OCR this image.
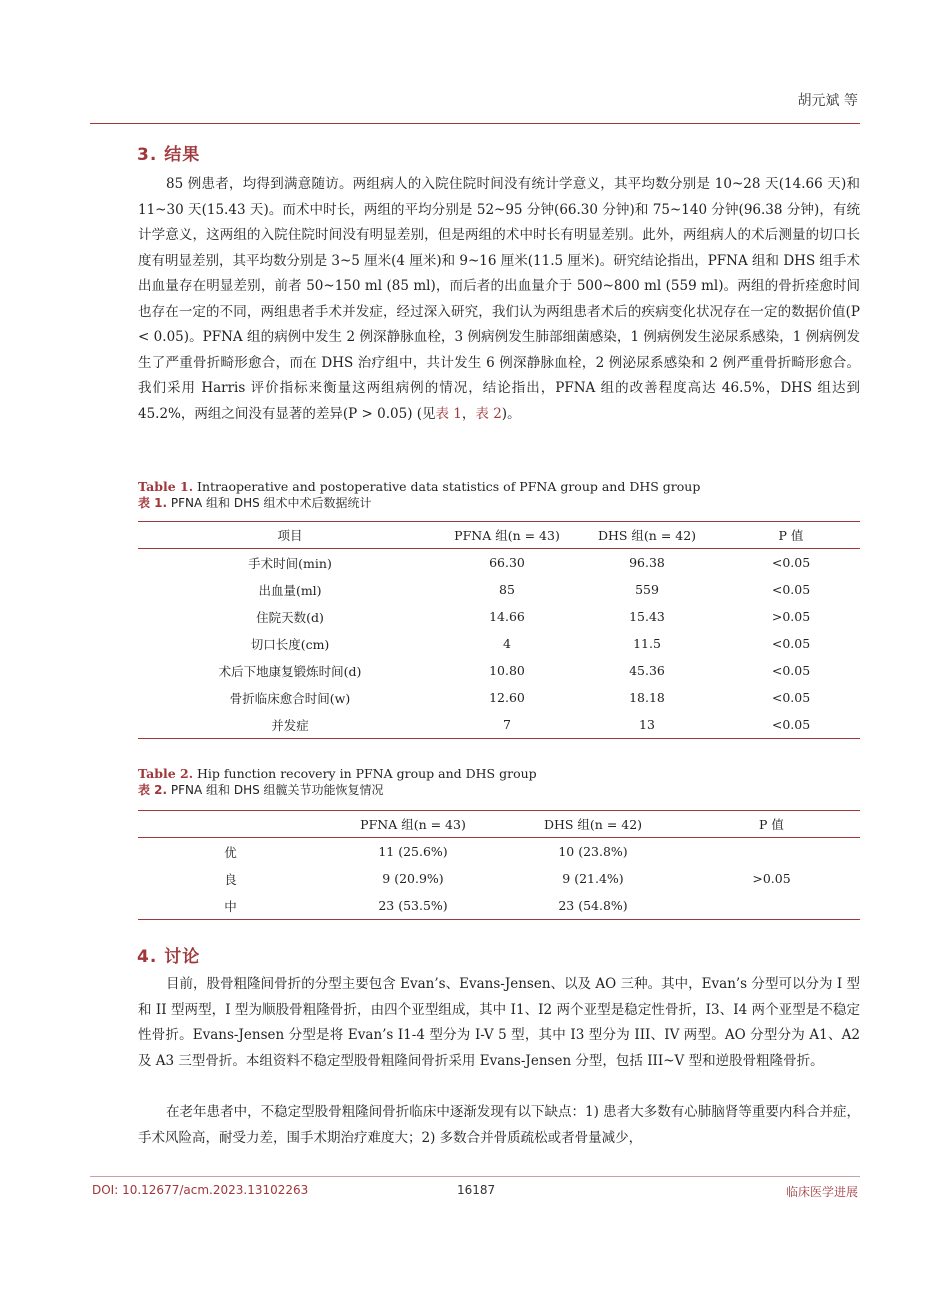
胡元斌 等
3. 结果

85 例患者，均得到满意随访。两组病人的入院住院时间没有统计学意义，其平均数分别是 10~28 天(14.66 天)和 11~30 天(15.43 天)。而术中时长，两组的平均分别是 52~95 分钟(66.30 分钟)和 75~140 分钟(96.38 分钟)，有统计学意义，这两组的入院住院时间没有明显差别，但是两组的术中时长有明显差别。此外，两组病人的术后测量的切口长度有明显差别，其平均数分别是 3~5 厘米(4 厘米)和 9~16 厘米(11.5 厘米)。研究结论指出，PFNA 组和 DHS 组手术出血量存在明显差别，前者 50~150 ml (85 ml)，而后者的出血量介于 500~800 ml (559 ml)。两组的骨折痊愈时间也存在一定的不同，两组患者手术并发症，经过深入研究，我们认为两组患者术后的疾病变化状况存在一定的数据价值(P < 0.05)。PFNA 组的病例中发生 2 例深静脉血栓，3 例病例发生肺部细菌感染，1 例病例发生泌尿系感染，1 例病例发生了严重骨折畸形愈合，而在 DHS 治疗组中，共计发生 6 例深静脉血栓，2 例泌尿系感染和 2 例严重骨折畸形愈合。我们采用 Harris 评价指标来衡量这两组病例的情况，结论指出，PFNA 组的改善程度高达 46.5%，DHS 组达到 45.2%，两组之间没有显著的差异(P > 0.05) (见表 1，表 2)。

Table 1. Intraoperative and postoperative data statistics of PFNA group and DHS group
表 1. PFNA 组和 DHS 组术中术后数据统计
项目	PFNA 组(n = 43)	DHS 组(n = 42)	P 值
手术时间(min)	66.30	96.38	<0.05
出血量(ml)	85	559	<0.05
住院天数(d)	14.66	15.43	>0.05
切口长度(cm)	4	11.5	<0.05
术后下地康复锻炼时间(d)	10.80	45.36	<0.05
骨折临床愈合时间(w)	12.60	18.18	<0.05
并发症	7	13	<0.05
Table 2. Hip function recovery in PFNA group and DHS group
表 2. PFNA 组和 DHS 组髋关节功能恢复情况
	PFNA 组(n = 43)	DHS 组(n = 42)	P 值
优	11 (25.6%)	10 (23.8%)	>0.05
良	9 (20.9%)	9 (21.4%)	
中	23 (53.5%)	23 (54.8%)	
4. 讨论

目前，股骨粗隆间骨折的分型主要包含 Evan’s、Evans-Jensen、以及 AO 三种。其中，Evan’s 分型可以分为 I 型和 II 型两型，I 型为顺股骨粗隆骨折，由四个亚型组成，其中 I1、I2 两个亚型是稳定性骨折，I3、I4 两个亚型是不稳定性骨折。Evans-Jensen 分型是将 Evan’s I1-4 型分为 I-V 5 型，其中 I3 型分为 III、IV 两型。AO 分型分为 A1、A2 及 A3 三型骨折。本组资料不稳定型股骨粗隆间骨折采用 Evans-Jensen 分型，包括 III~V 型和逆股骨粗隆骨折。

在老年患者中，不稳定型股骨粗隆间骨折临床中逐渐发现有以下缺点：1) 患者大多数有心肺脑肾等重要内科合并症，手术风险高，耐受力差，围手术期治疗难度大；2) 多数合并骨质疏松或者骨量减少，

DOI: 10.12677/acm.2023.13102263	16187	临床医学进展
